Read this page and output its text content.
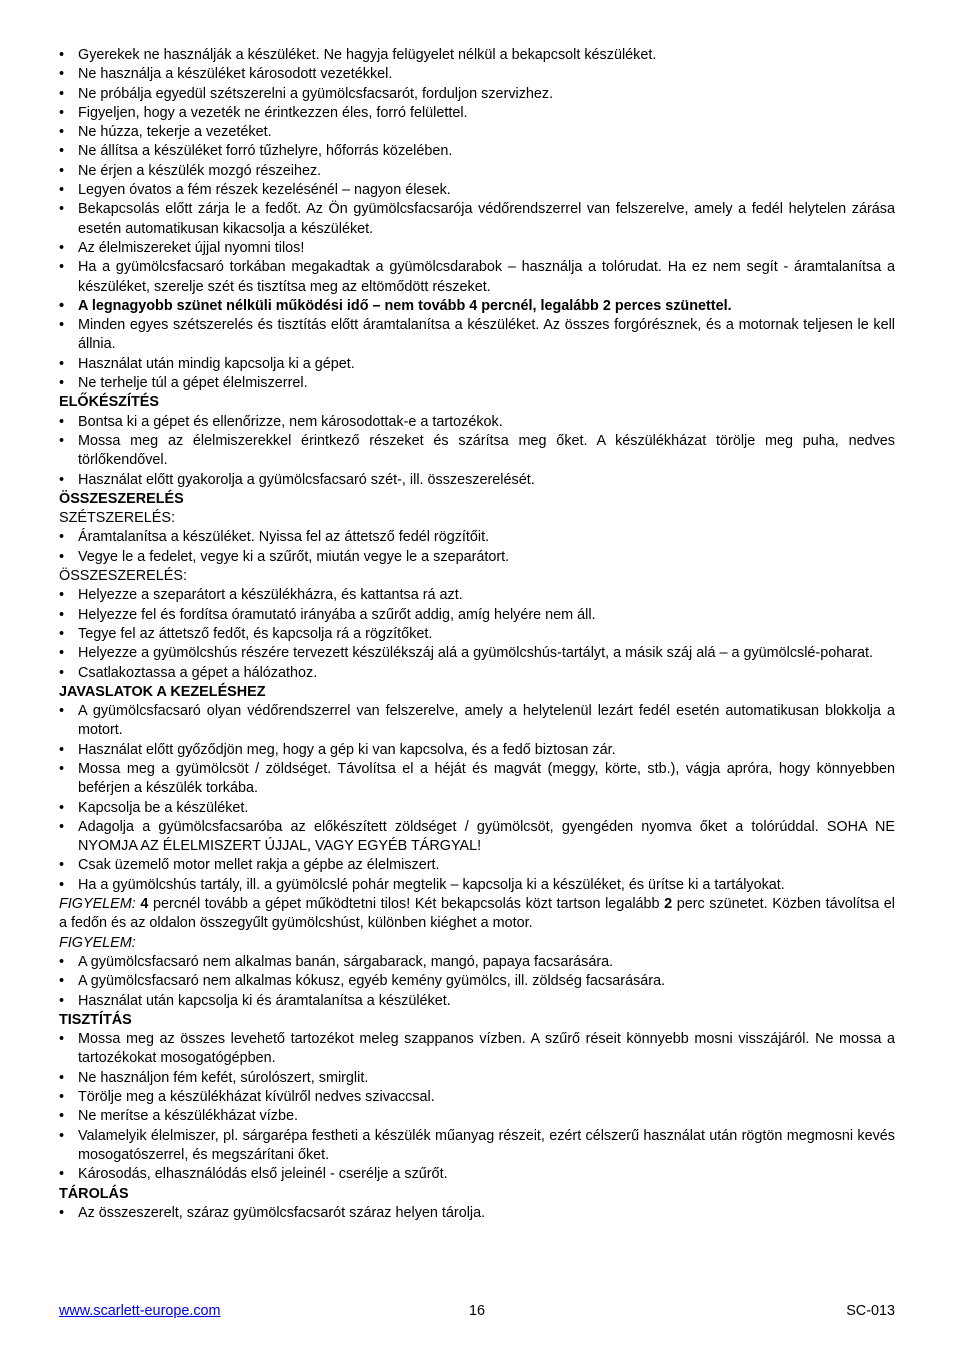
• Gyerekek ne használják a készüléket. Ne hagyja felügyelet nélkül a bekapcsolt készüléket.
• Ne használja a készüléket károsodott vezetékkel.
• Ne próbálja egyedül szétszerelni a gyümölcsfacsarót, forduljon szervizhez.
• Figyeljen, hogy a vezeték ne érintkezzen éles, forró felülettel.
• Ne húzza, tekerje a vezetéket.
• Ne állítsa a készüléket forró tűzhelyre, hőforrás közelében.
• Ne érjen a készülék mozgó részeihez.
• Legyen óvatos a fém részek kezelésénél – nagyon élesek.
• Bekapcsolás előtt zárja le a fedőt. Az Ön gyümölcsfacsarója védőrendszerrel van felszerelve, amely a fedél helytelen zárása esetén automatikusan kikacsolja a készüléket.
• Az élelmiszereket újjal nyomni tilos!
• Ha a gyümölcsfacsaró torkában megakadtak a gyümölcsdarabok – használja a tolórudat. Ha ez nem segít - áramtalanítsa a készüléket, szerelje szét és tisztítsa meg az eltömődött részeket.
• A legnagyobb szünet nélküli működési idő – nem tovább 4 percnél, legalább 2 perces szünettel.
• Minden egyes szétszerelés és tisztítás előtt áramtalanítsa a készüléket. Az összes forgórésznek, és a motornak teljesen le kell állnia.
• Használat után mindig kapcsolja ki a gépet.
• Ne terhelje túl a gépet élelmiszerrel.
ELŐKÉSZÍTÉS
• Bontsa ki a gépet és ellenőrizze, nem károsodottak-e a tartozékok.
• Mossa meg az élelmiszerekkel érintkező részeket és szárítsa meg őket. A készülékházat törölje meg puha, nedves törlőkendővel.
• Használat előtt gyakorolja a gyümölcsfacsaró szét-, ill. összeszerelését.
ÖSSZESZERELÉS
SZÉTSZERELÉS:
• Áramtalanítsa a készüléket. Nyissa fel az áttetsző fedél rögzítőit.
• Vegye le a fedelet, vegye ki a szűrőt, miután vegye le a szeparátort.
ÖSSZESZERELÉS:
• Helyezze a szeparátort a készülékházra, és kattantsa rá azt.
• Helyezze fel és fordítsa óramutató irányába a szűrőt addig, amíg helyére nem áll.
• Tegye fel az áttetsző fedőt, és kapcsolja rá a rögzítőket.
• Helyezze a gyümölcshús részére tervezett készülékszáj alá a gyümölcshús-tartályt, a másik száj alá – a gyümölcslé-poharat.
• Csatlakoztassa a gépet a hálózathoz.
JAVASLATOK A KEZELÉSHEZ
• A gyümölcsfacsaró olyan védőrendszerrel van felszerelve, amely a helytelenül lezárt fedél esetén automatikusan blokkolja a motort.
• Használat előtt győződjön meg, hogy a gép ki van kapcsolva, és a fedő biztosan zár.
• Mossa meg a gyümölcsöt / zöldséget. Távolítsa el a héját és magvát (meggy, körte, stb.), vágja apróra, hogy könnyebben beférjen a készülék torkába.
• Kapcsolja be a készüléket.
• Adagolja a gyümölcsfacsaróba az előkészített zöldséget / gyümölcsöt, gyengéden nyomva őket a tolórúddal. SOHA NE NYOMJA AZ ÉLELMISZERT ÚJJAL, VAGY EGYÉB TÁRGYAL!
• Csak üzemelő motor mellet rakja a gépbe az élelmiszert.
• Ha a gyümölcshús tartály, ill. a gyümölcslé pohár megtelik – kapcsolja ki a készüléket, és ürítse ki a tartályokat.
FIGYELEM: 4 percnél tovább a gépet működtetni tilos! Két bekapcsolás közt tartson legalább 2 perc szünetet. Közben távolítsa el a fedőn és az oldalon összegyűlt gyümölcshúst, különben kiéghet a motor.
FIGYELEM:
• A gyümölcsfacsaró nem alkalmas banán, sárgabarack, mangó, papaya facsarására.
• A gyümölcsfacsaró nem alkalmas kókusz, egyéb kemény gyümölcs, ill. zöldség facsarására.
• Használat után kapcsolja ki és áramtalanítsa a készüléket.
TISZTÍTÁS
• Mossa meg az összes levehető tartozékot meleg szappanos vízben. A szűrő réseit könnyebb mosni visszájáról. Ne mossa a tartozékokat mosogatógépben.
• Ne használjon fém kefét, súrolószert, smirglit.
• Törölje meg a készülékházat kívülről nedves szivaccsal.
• Ne merítse a készülékházat vízbe.
• Valamelyik élelmiszer, pl. sárgarépa festheti a készülék műanyag részeit, ezért célszerű használat után rögtön megmosni kevés mosogatószerrel, és megszárítani őket.
• Károsodás, elhasználódás első jeleinél - cserélje a szűrőt.
TÁROLÁS
• Az összeszerelt, száraz gyümölcsfacsarót száraz helyen tárolja.
www.scarlett-europe.com	16	SC-013
